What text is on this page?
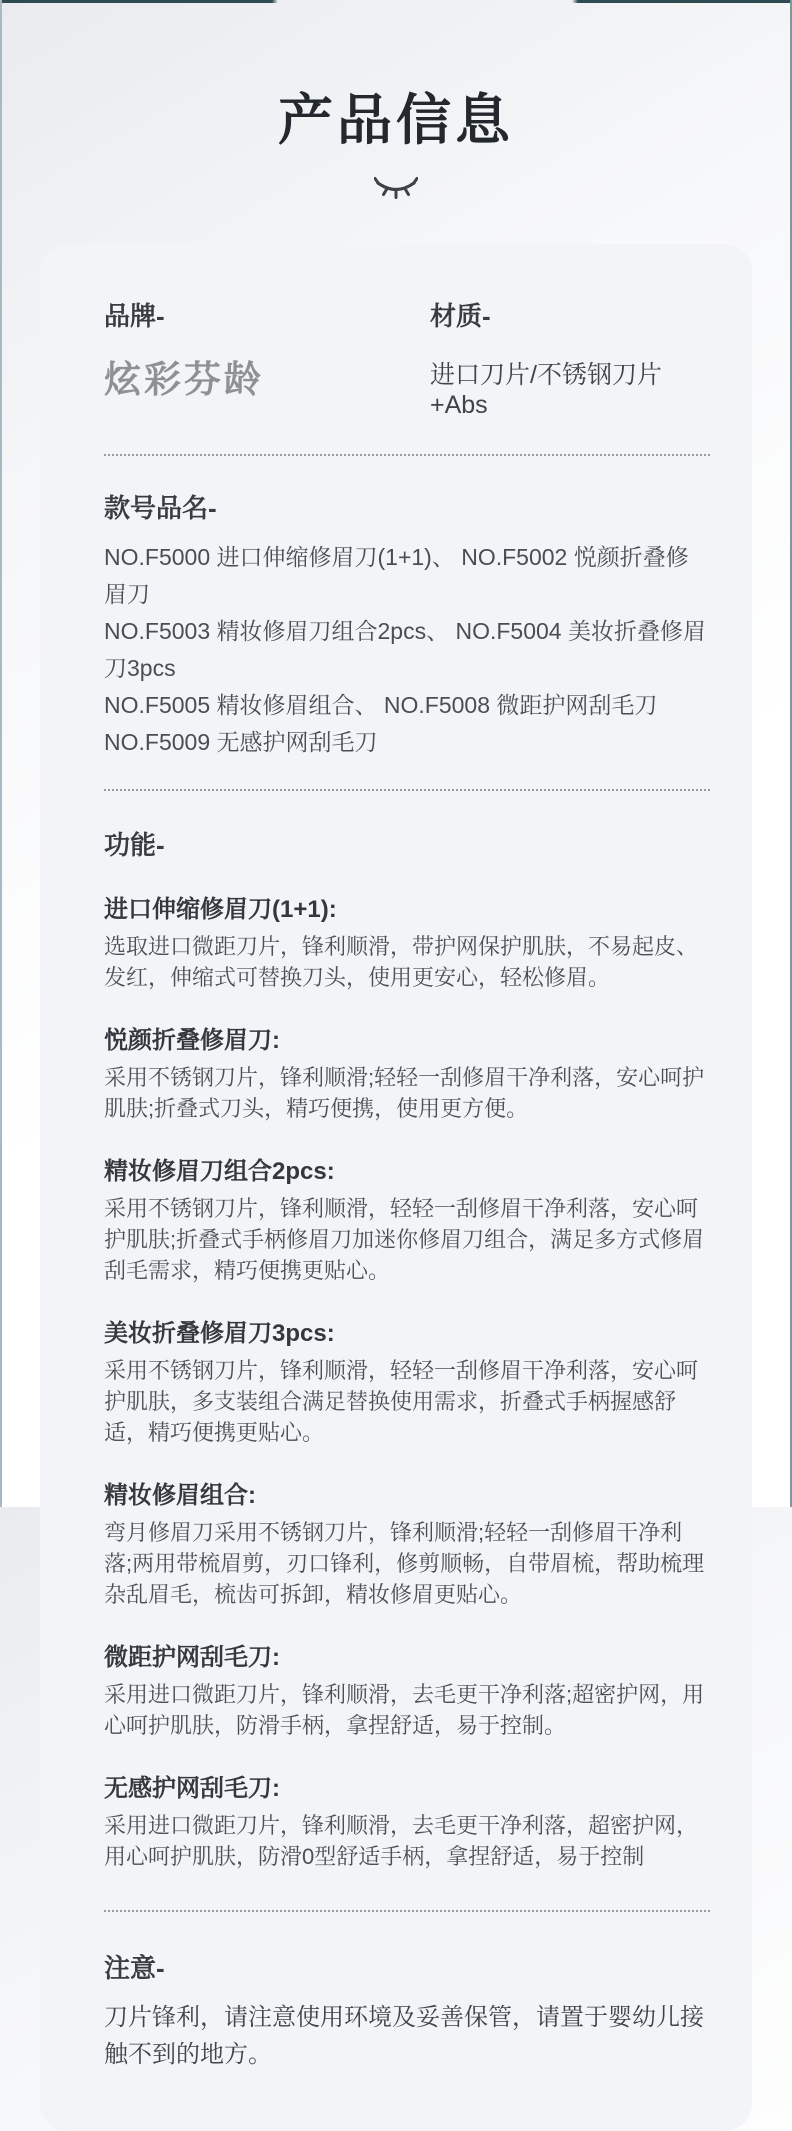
产品信息
品牌-
炫彩芬龄
材质-
进口刀片/不锈钢刀片+Abs
款号品名-
NO.F5000 进口伸缩修眉刀(1+1)、 NO.F5002 悦颜折叠修眉刀
NO.F5003 精妆修眉刀组合2pcs、 NO.F5004 美妆折叠修眉刀3pcs
NO.F5005 精妆修眉组合、 NO.F5008 微距护网刮毛刀
NO.F5009 无感护网刮毛刀
功能-
进口伸缩修眉刀(1+1):
选取进口微距刀片，锋利顺滑，带护网保护肌肤，不易起皮、发红，伸缩式可替换刀头，使用更安心，轻松修眉。
悦颜折叠修眉刀:
采用不锈钢刀片，锋利顺滑;轻轻一刮修眉干净利落，安心呵护肌肤;折叠式刀头，精巧便携，使用更方便。
精妆修眉刀组合2pcs:
采用不锈钢刀片，锋利顺滑，轻轻一刮修眉干净利落，安心呵护肌肤;折叠式手柄修眉刀加迷你修眉刀组合，满足多方式修眉刮毛需求，精巧便携更贴心。
美妆折叠修眉刀3pcs:
采用不锈钢刀片，锋利顺滑，轻轻一刮修眉干净利落，安心呵护肌肤，多支装组合满足替换使用需求，折叠式手柄握感舒适，精巧便携更贴心。
精妆修眉组合:
弯月修眉刀采用不锈钢刀片，锋利顺滑;轻轻一刮修眉干净利落;两用带梳眉剪，刃口锋利，修剪顺畅，自带眉梳，帮助梳理杂乱眉毛，梳齿可拆卸，精妆修眉更贴心。
微距护网刮毛刀:
采用进口微距刀片，锋利顺滑，去毛更干净利落;超密护网，用心呵护肌肤，防滑手柄，拿捏舒适，易于控制。
无感护网刮毛刀:
采用进口微距刀片，锋利顺滑，去毛更干净利落，超密护网，用心呵护肌肤，防滑0型舒适手柄，拿捏舒适，易于控制
注意-
刀片锋利，请注意使用环境及妥善保管，请置于婴幼儿接触不到的地方。
